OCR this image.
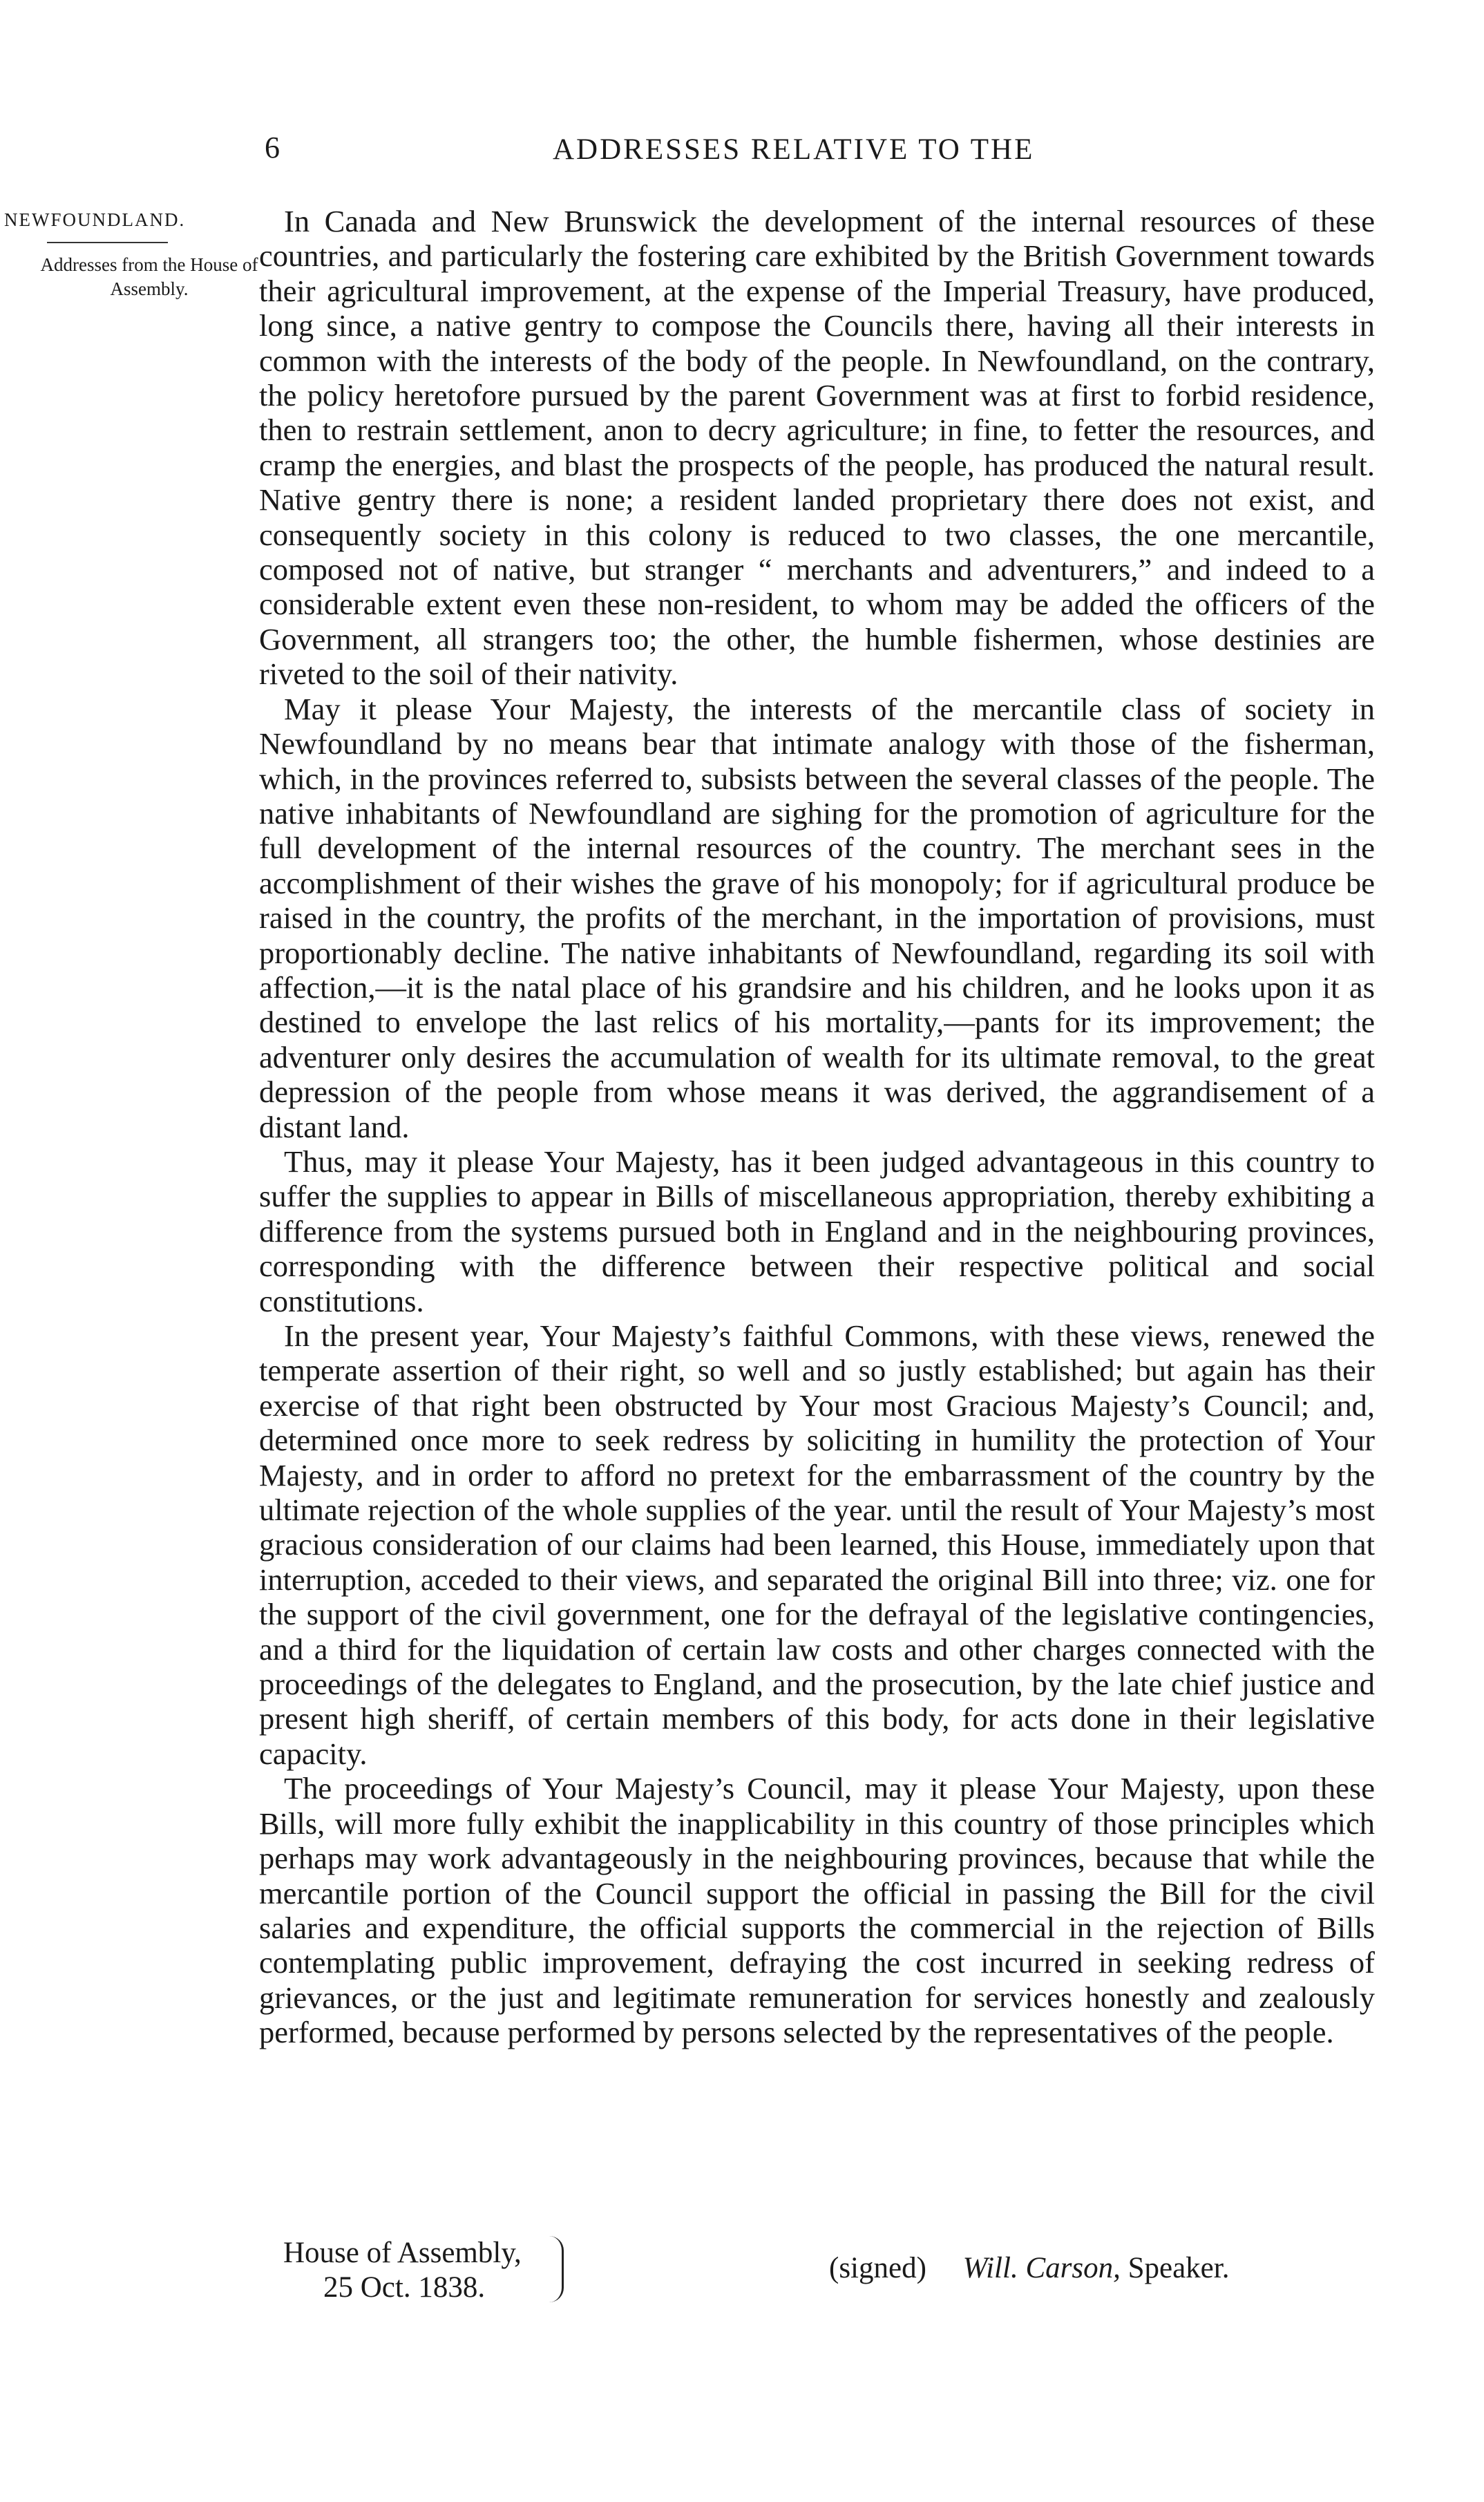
6	ADDRESSES RELATIVE TO THE
NEWFOUNDLAND.
Addresses from the House of Assembly.

In Canada and New Brunswick the development of the internal resources of these countries, and particularly the fostering care exhibited by the British Government towards their agricultural improvement, at the expense of the Imperial Treasury, have produced, long since, a native gentry to compose the Councils there, having all their interests in common with the interests of the body of the people. In Newfoundland, on the contrary, the policy heretofore pursued by the parent Government was at first to forbid residence, then to restrain settlement, anon to decry agriculture; in fine, to fetter the resources, and cramp the energies, and blast the prospects of the people, has produced the natural result. Native gentry there is none; a resident landed proprietary there does not exist, and consequently society in this colony is reduced to two classes, the one mercantile, composed not of native, but stranger “ merchants and adventurers,” and indeed to a considerable extent even these non-resident, to whom may be added the officers of the Government, all strangers too; the other, the humble fishermen, whose destinies are riveted to the soil of their nativity.

May it please Your Majesty, the interests of the mercantile class of society in Newfoundland by no means bear that intimate analogy with those of the fisherman, which, in the provinces referred to, subsists between the several classes of the people. The native inhabitants of Newfoundland are sighing for the promotion of agriculture for the full development of the internal resources of the country. The merchant sees in the accomplishment of their wishes the grave of his monopoly; for if agricultural produce be raised in the country, the profits of the merchant, in the importation of provisions, must proportionably decline. The native inhabitants of Newfoundland, regarding its soil with affection,—it is the natal place of his grandsire and his children, and he looks upon it as destined to envelope the last relics of his mortality,—pants for its improvement; the adventurer only desires the accumulation of wealth for its ultimate removal, to the great depression of the people from whose means it was derived, the aggrandisement of a distant land.

Thus, may it please Your Majesty, has it been judged advantageous in this country to suffer the supplies to appear in Bills of miscellaneous appropriation, thereby exhibiting a difference from the systems pursued both in England and in the neighbouring provinces, corresponding with the difference between their respective political and social constitutions.

In the present year, Your Majesty’s faithful Commons, with these views, renewed the temperate assertion of their right, so well and so justly established; but again has their exercise of that right been obstructed by Your most Gracious Majesty’s Council; and, determined once more to seek redress by soliciting in humility the protection of Your Majesty, and in order to afford no pretext for the embarrassment of the country by the ultimate rejection of the whole supplies of the year. until the result of Your Majesty’s most gracious consideration of our claims had been learned, this House, immediately upon that interruption, acceded to their views, and separated the original Bill into three; viz. one for the support of the civil government, one for the defrayal of the legislative contingencies, and a third for the liquidation of certain law costs and other charges connected with the proceedings of the delegates to England, and the prosecution, by the late chief justice and present high sheriff, of certain members of this body, for acts done in their legislative capacity.

The proceedings of Your Majesty’s Council, may it please Your Majesty, upon these Bills, will more fully exhibit the inapplicability in this country of those principles which perhaps may work advantageously in the neighbouring provinces, because that while the mercantile portion of the Council support the official in passing the Bill for the civil salaries and expenditure, the official supports the commercial in the rejection of Bills contemplating public improvement, defraying the cost incurred in seeking redress of grievances, or the just and legitimate remuneration for services honestly and zealously performed, because performed by persons selected by the representatives of the people.

House of Assembly,
25 Oct. 1838.
(signed) Will. Carson, Speaker.
